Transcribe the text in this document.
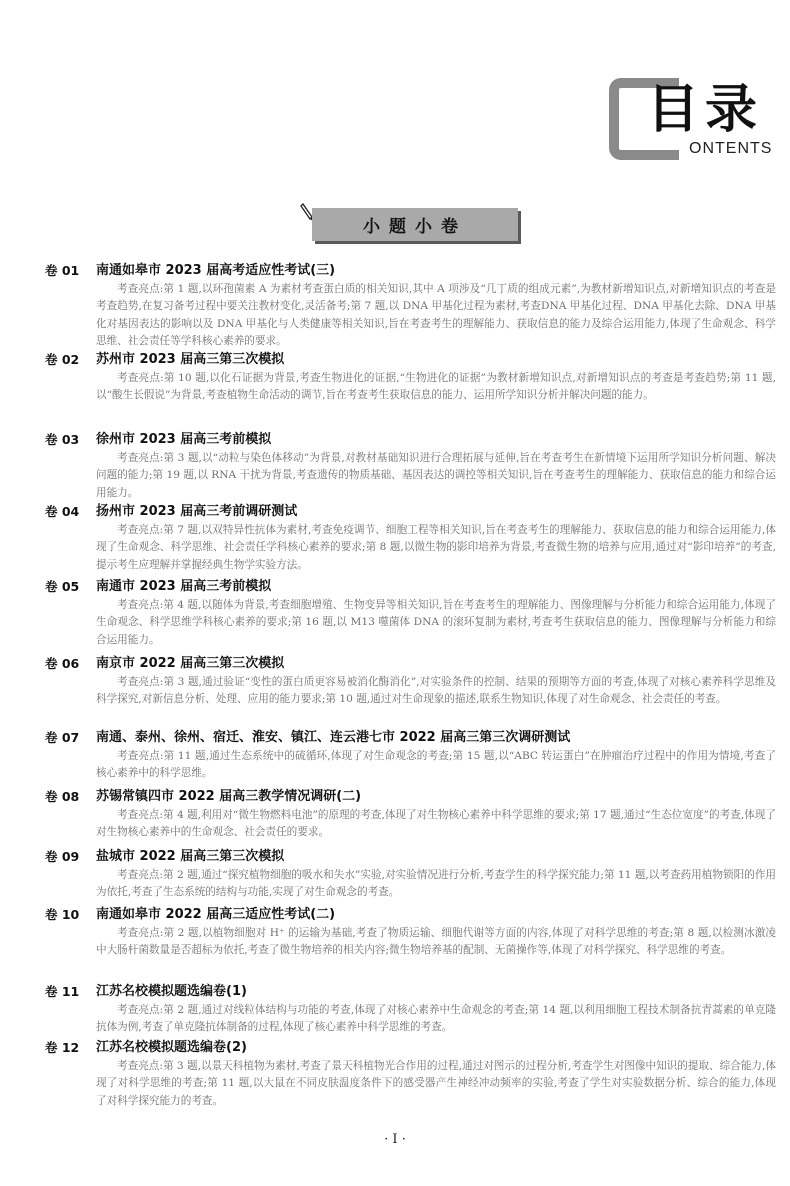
目录
ONTENTS
小题小卷
卷 01 南通如皋市 2023 届高考适应性考试(三)
考查亮点:第 1 题,以环孢菌素 A 为素材考查蛋白质的相关知识,其中 A 项涉及“几丁质的组成元素”,为教材新增知识点,对新增知识点的考查是考查趋势,在复习备考过程中要关注教材变化,灵活备考;第 7 题,以 DNA 甲基化过程为素材,考查DNA 甲基化过程、DNA 甲基化去除、DNA 甲基化对基因表达的影响以及 DNA 甲基化与人类健康等相关知识,旨在考查考生的理解能力、获取信息的能力及综合运用能力,体现了生命观念、科学思维、社会责任等学科核心素养的要求。
卷 02 苏州市 2023 届高三第三次模拟
考查亮点:第 10 题,以化石证据为背景,考查生物进化的证据,“生物进化的证据”为教材新增知识点,对新增知识点的考查是考查趋势;第 11 题,以“酸生长假说”为背景,考查植物生命活动的调节,旨在考查考生获取信息的能力、运用所学知识分析并解决问题的能力。
卷 03 徐州市 2023 届高三考前模拟
考查亮点:第 3 题,以“动粒与染色体移动”为背景,对教材基础知识进行合理拓展与延伸,旨在考查考生在新情境下运用所学知识分析问题、解决问题的能力;第 19 题,以 RNA 干扰为背景,考查遗传的物质基础、基因表达的调控等相关知识,旨在考查考生的理解能力、获取信息的能力和综合运用能力。
卷 04 扬州市 2023 届高三考前调研测试
考查亮点:第 7 题,以双特异性抗体为素材,考查免疫调节、细胞工程等相关知识,旨在考查考生的理解能力、获取信息的能力和综合运用能力,体现了生命观念、科学思维、社会责任学科核心素养的要求;第 8 题,以微生物的影印培养为背景,考查微生物的培养与应用,通过对“影印培养”的考查,提示考生应理解并掌握经典生物学实验方法。
卷 05 南通市 2023 届高三考前模拟
考查亮点:第 4 题,以随体为背景,考查细胞增殖、生物变异等相关知识,旨在考查考生的理解能力、图像理解与分析能力和综合运用能力,体现了生命观念、科学思维学科核心素养的要求;第 16 题,以 M13 噬菌体 DNA 的滚环复制为素材,考查考生获取信息的能力、图像理解与分析能力和综合运用能力。
卷 06 南京市 2022 届高三第三次模拟
考查亮点:第 3 题,通过验证“变性的蛋白质更容易被消化酶消化”,对实验条件的控制、结果的预期等方面的考查,体现了对核心素养科学思维及科学探究,对新信息分析、处理、应用的能力要求;第 10 题,通过对生命现象的描述,联系生物知识,体现了对生命观念、社会责任的考查。
卷 07 南通、泰州、徐州、宿迁、淮安、镇江、连云港七市 2022 届高三第三次调研测试
考查亮点:第 11 题,通过生态系统中的硫循环,体现了对生命观念的考查;第 15 题,以“ABC 转运蛋白”在肿瘤治疗过程中的作用为情境,考查了核心素养中的科学思维。
卷 08 苏锡常镇四市 2022 届高三教学情况调研(二)
考查亮点:第 4 题,利用对“微生物燃料电池”的原理的考查,体现了对生物核心素养中科学思维的要求;第 17 题,通过“生态位宽度”的考查,体现了对生物核心素养中的生命观念、社会责任的要求。
卷 09 盐城市 2022 届高三第三次模拟
考查亮点:第 2 题,通过“探究植物细胞的吸水和失水”实验,对实验情况进行分析,考查学生的科学探究能力;第 11 题,以考查药用植物锁阳的作用为依托,考查了生态系统的结构与功能,实现了对生命观念的考查。
卷 10 南通如皋市 2022 届高三适应性考试(二)
考查亮点:第 2 题,以植物细胞对 H⁺ 的运输为基础,考查了物质运输、细胞代谢等方面的内容,体现了对科学思维的考查;第 8 题,以检测冰激凌中大肠杆菌数量是否超标为依托,考查了微生物培养的相关内容;微生物培养基的配制、无菌操作等,体现了对科学探究、科学思维的考查。
卷 11 江苏名校模拟题选编卷(1)
考查亮点:第 2 题,通过对线粒体结构与功能的考查,体现了对核心素养中生命观念的考查;第 14 题,以利用细胞工程技术制备抗青蒿素的单克隆抗体为例,考查了单克隆抗体制备的过程,体现了核心素养中科学思维的考查。
卷 12 江苏名校模拟题选编卷(2)
考查亮点:第 3 题,以景天科植物为素材,考查了景天科植物光合作用的过程,通过对图示的过程分析,考查学生对图像中知识的提取、综合能力,体现了对科学思维的考查;第 11 题,以大鼠在不同皮肤温度条件下的感受器产生神经冲动频率的实验,考查了学生对实验数据分析、综合的能力,体现了对科学探究能力的考查。
· I ·
